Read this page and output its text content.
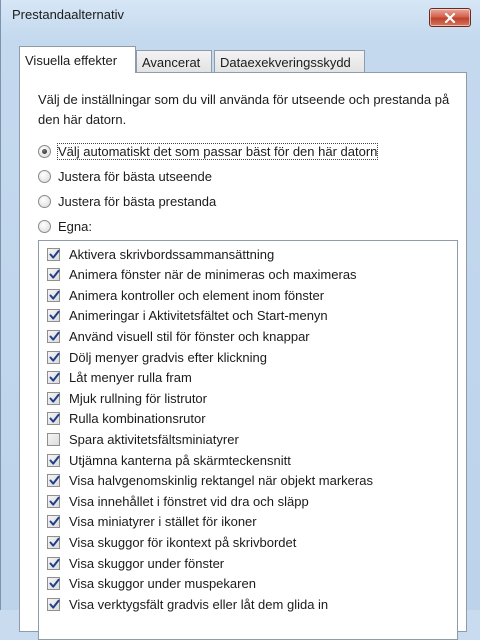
Prestandaalternativ
Visuella effekter	Avancerat	Dataexekveringsskydd
Välj de inställningar som du vill använda för utseende och prestanda på den här datorn.
Välj automatiskt det som passar bäst för den här datorn
Justera för bästa utseende
Justera för bästa prestanda
Egna:
Aktivera skrivbordssammansättning
Animera fönster när de minimeras och maximeras
Animera kontroller och element inom fönster
Animeringar i Aktivitetsfältet och Start-menyn
Använd visuell stil för fönster och knappar
Dölj menyer gradvis efter klickning
Låt menyer rulla fram
Mjuk rullning för listrutor
Rulla kombinationsrutor
Spara aktivitetsfältsminiatyrer
Utjämna kanterna på skärmteckensnitt
Visa halvgenomskinlig rektangel när objekt markeras
Visa innehållet i fönstret vid dra och släpp
Visa miniatyrer i stället för ikoner
Visa skuggor för ikontext på skrivbordet
Visa skuggor under fönster
Visa skuggor under muspekaren
Visa verktygsfält gradvis eller låt dem glida in
